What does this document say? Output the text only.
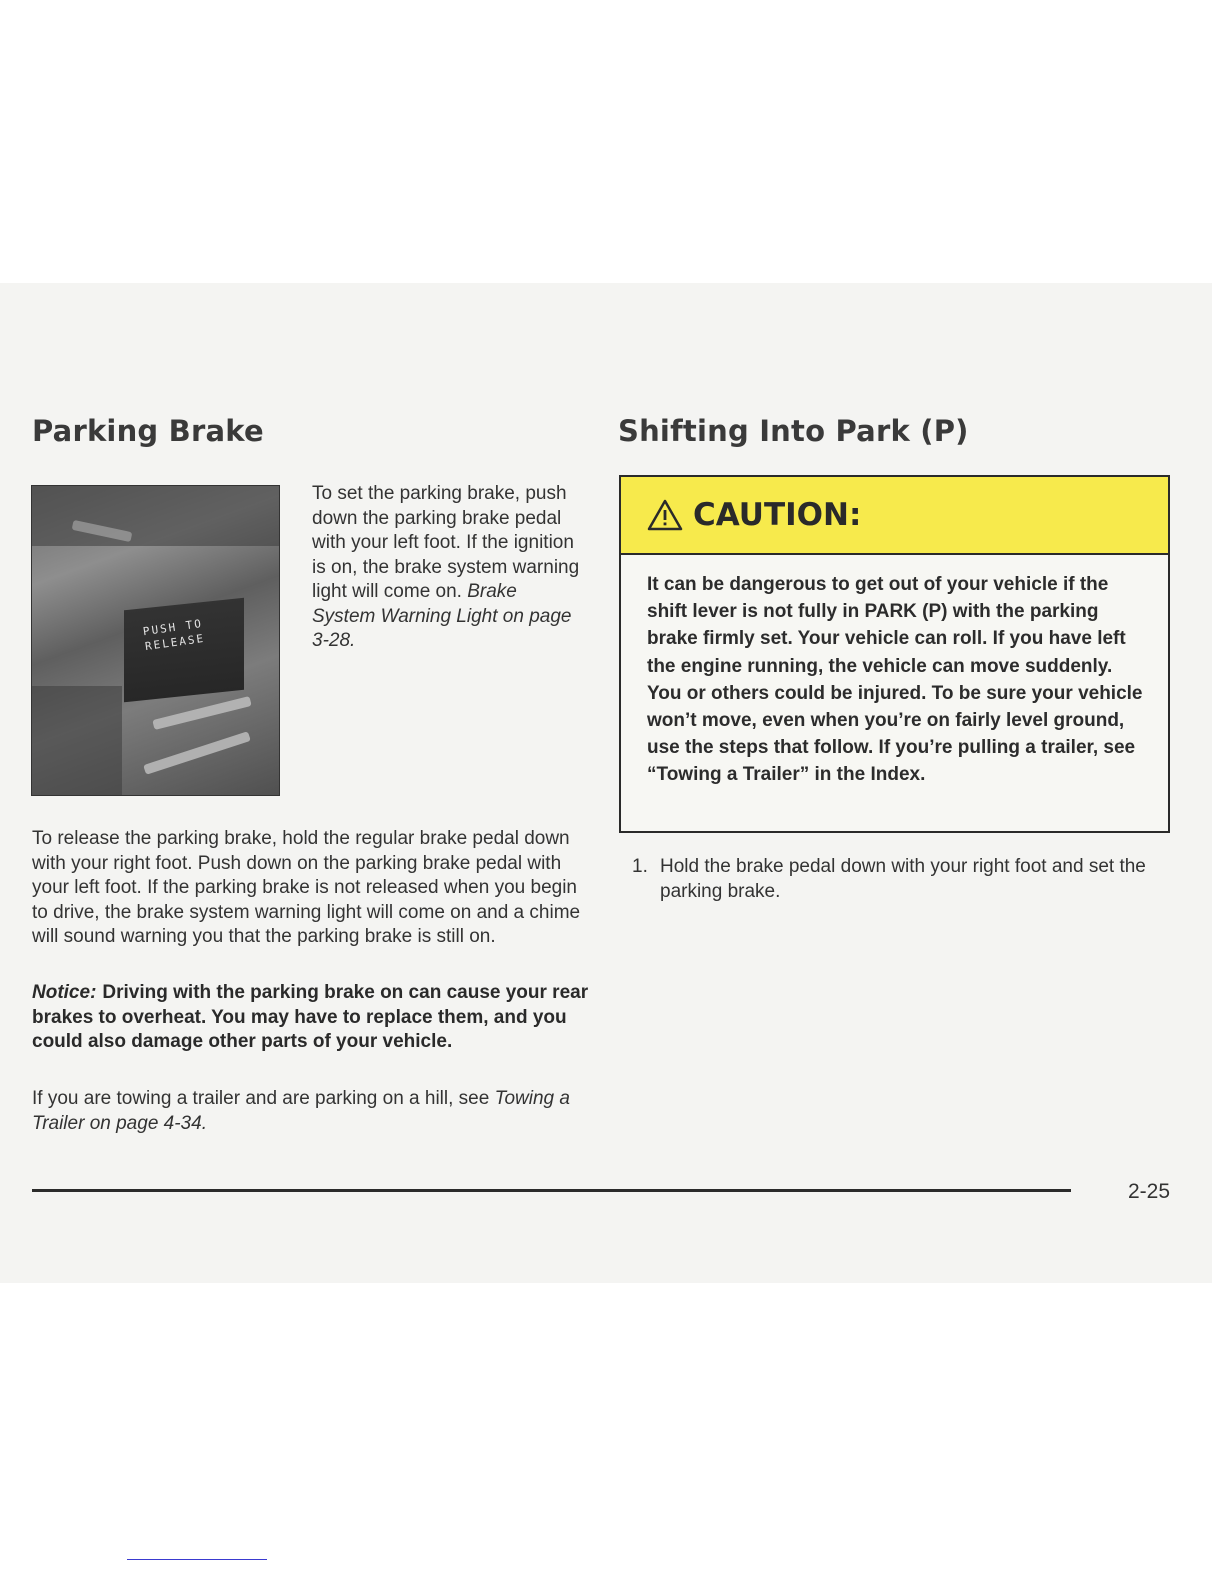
Parking Brake	Shifting Into Park (P)
PUSH TO
RELEASE

To set the parking brake, push down the parking brake pedal with your left foot. If the ignition is on, the brake system warning light will come on. Brake System Warning Light on page 3-28.

To release the parking brake, hold the regular brake pedal down with your right foot. Push down on the parking brake pedal with your left foot. If the parking brake is not released when you begin to drive, the brake system warning light will come on and a chime will sound warning you that the parking brake is still on.

Notice: Driving with the parking brake on can cause your rear brakes to overheat. You may have to replace them, and you could also damage other parts of your vehicle.

If you are towing a trailer and are parking on a hill, see Towing a Trailer on page 4-34.

CAUTION:
It can be dangerous to get out of your vehicle if the shift lever is not fully in PARK (P) with the parking brake firmly set. Your vehicle can roll. If you have left the engine running, the vehicle can move suddenly. You or others could be injured. To be sure your vehicle won’t move, even when you’re on fairly level ground, use the steps that follow. If you’re pulling a trailer, see “Towing a Trailer” in the Index.
1. Hold the brake pedal down with your right foot and set the parking brake.
2-25
